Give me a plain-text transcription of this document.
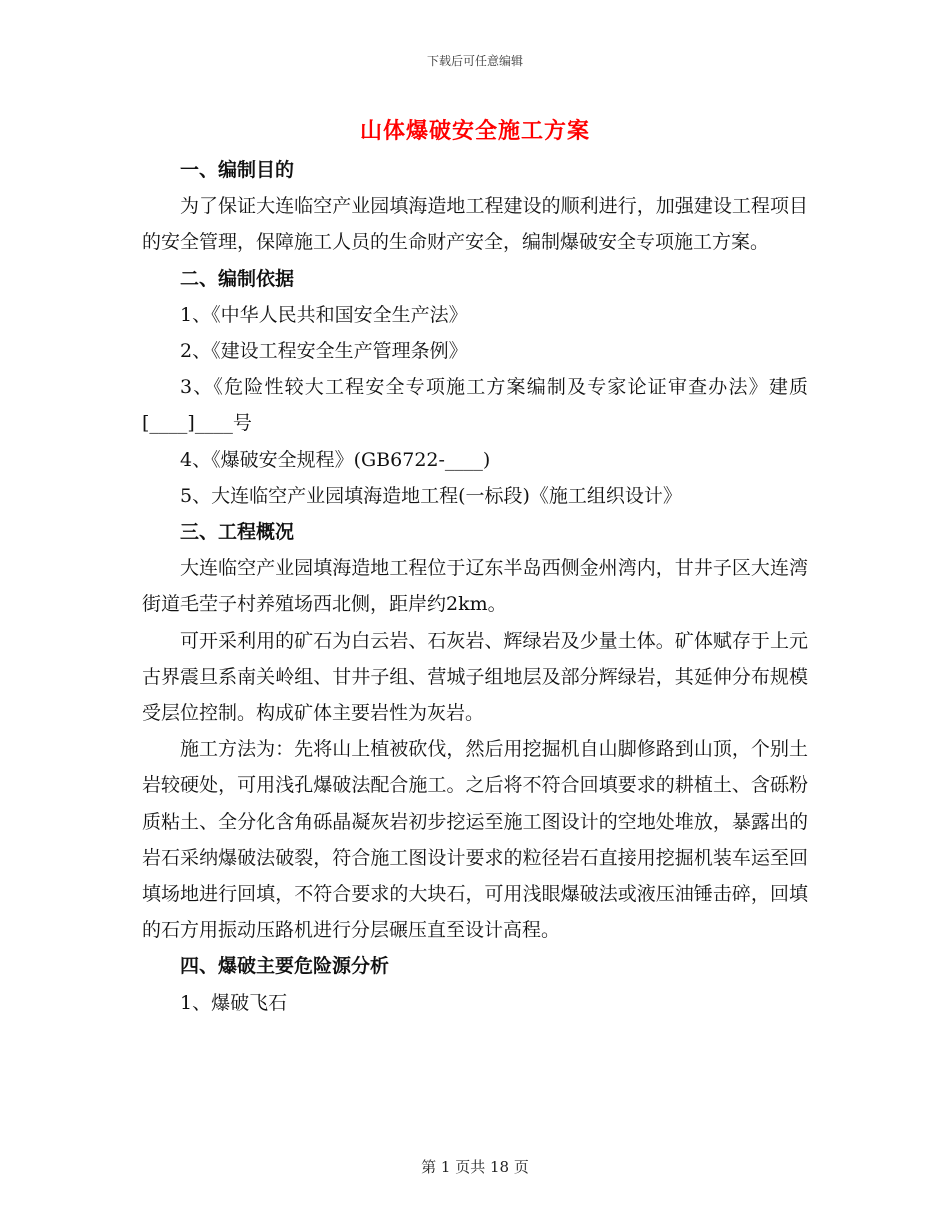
下载后可任意编辑
山体爆破安全施工方案

一、编制目的

为了保证大连临空产业园填海造地工程建设的顺利进行，加强建设工程项目的安全管理，保障施工人员的生命财产安全，编制爆破安全专项施工方案。

二、编制依据

1、《中华人民共和国安全生产法》

2、《建设工程安全生产管理条例》

3、《危险性较大工程安全专项施工方案编制及专家论证审查办法》建质[____]____号

4、《爆破安全规程》(GB6722-____)

5、大连临空产业园填海造地工程(一标段)《施工组织设计》

三、工程概况

大连临空产业园填海造地工程位于辽东半岛西侧金州湾内，甘井子区大连湾街道毛茔子村养殖场西北侧，距岸约2km。

可开采利用的矿石为白云岩、石灰岩、辉绿岩及少量土体。矿体赋存于上元古界震旦系南关岭组、甘井子组、营城子组地层及部分辉绿岩，其延伸分布规模受层位控制。构成矿体主要岩性为灰岩。

施工方法为：先将山上植被砍伐，然后用挖掘机自山脚修路到山顶，个别土岩较硬处，可用浅孔爆破法配合施工。之后将不符合回填要求的耕植土、含砾粉质粘土、全分化含角砾晶凝灰岩初步挖运至施工图设计的空地处堆放，暴露出的岩石采纳爆破法破裂，符合施工图设计要求的粒径岩石直接用挖掘机装车运至回填场地进行回填，不符合要求的大块石，可用浅眼爆破法或液压油锤击碎，回填的石方用振动压路机进行分层碾压直至设计高程。

四、爆破主要危险源分析

1、爆破飞石

第 1 页共 18 页
